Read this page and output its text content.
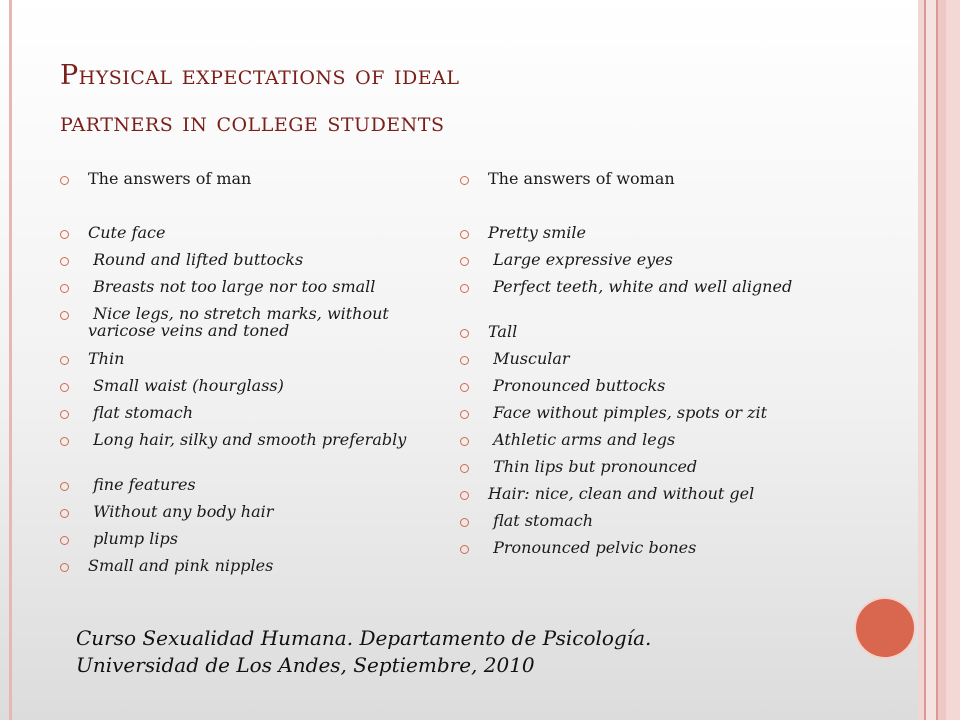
Physical expectations of ideal
partners in college students
The answers of man
Cute face
Round and lifted buttocks
Breasts not too large nor too small
Nice legs, no stretch marks, without varicose veins and toned
Thin
Small waist (hourglass)
flat stomach
Long hair, silky and smooth preferably
fine features
Without any body hair
plump lips
Small and pink nipples
The answers of woman
Pretty smile
Large expressive eyes
Perfect teeth, white and well aligned
Tall
Muscular
Pronounced buttocks
Face without pimples, spots or zit
Athletic arms and legs
Thin lips but pronounced
Hair: nice, clean and without gel
flat stomach
Pronounced pelvic bones
Curso Sexualidad Humana. Departamento de Psicología.
Universidad de Los Andes, Septiembre, 2010
